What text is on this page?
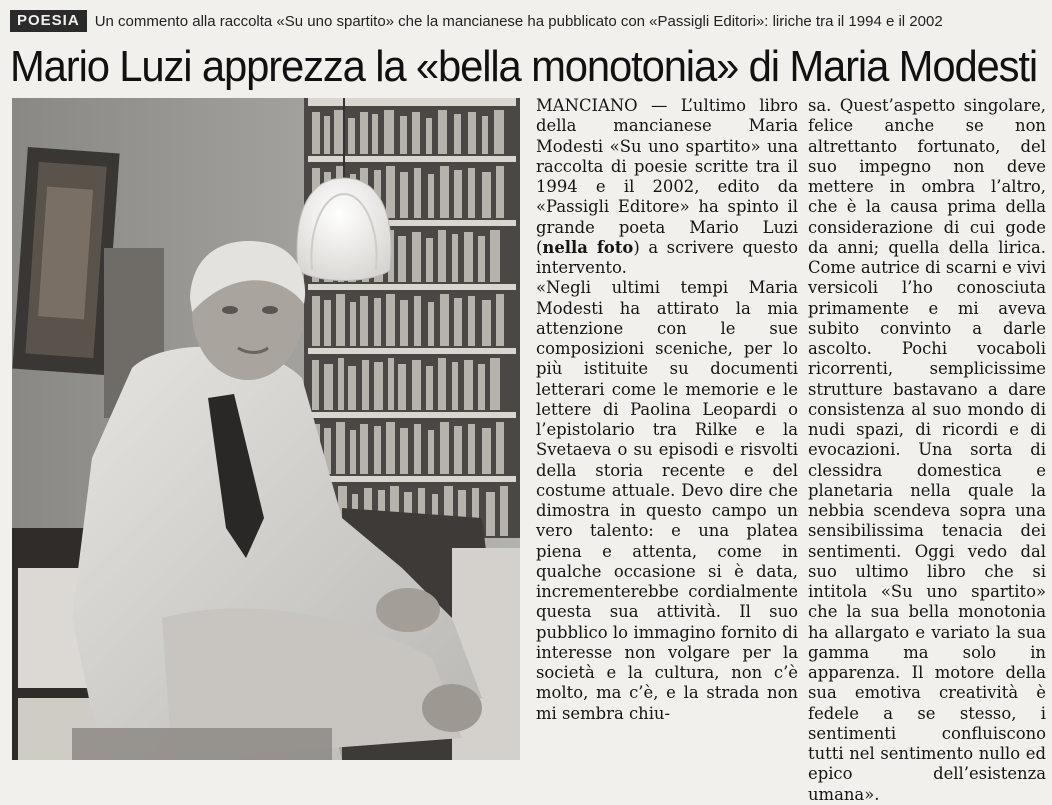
POESIA	Un commento alla raccolta «Su uno spartito» che la mancianese ha pubblicato con «Passigli Editori»: liriche tra il 1994 e il 2002
Mario Luzi apprezza la «bella monotonia» di Maria Modesti

MANCIANO — L’ultimo libro della mancianese Maria Modesti «Su uno spartito» una raccolta di poesie scritte tra il 1994 e il 2002, edito da «Passigli Editore» ha spinto il grande poeta Mario Luzi (nella foto) a scrivere questo intervento.

«Negli ultimi tempi Maria Modesti ha attirato la mia attenzione con le sue composizioni sceniche, per lo più istituite su documenti letterari come le memorie e le lettere di Paolina Leopardi o l’epistolario tra Rilke e la Svetaeva o su episodi e risvolti della storia recente e del costume attuale. Devo dire che dimostra in questo campo un vero talento: e una platea piena e attenta, come in qualche occasione si è data, incrementerebbe cordialmente questa sua attività. Il suo pubblico lo immagino fornito di interesse non volgare per la società e la cultura, non c’è molto, ma c’è, e la strada non mi sembra chiu-

sa. Quest’aspetto singolare, felice anche se non altrettanto fortunato, del suo impegno non deve mettere in ombra l’altro, che è la causa prima della considerazione di cui gode da anni; quella della lirica. Come autrice di scarni e vivi versicoli l’ho conosciuta primamente e mi aveva subito convinto a darle ascolto. Pochi vocaboli ricorrenti, semplicissime strutture bastavano a dare consistenza al suo mondo di nudi spazi, di ricordi e di evocazioni. Una sorta di clessidra domestica e planetaria nella quale la nebbia scendeva sopra una sensibilissima tenacia dei sentimenti. Oggi vedo dal suo ultimo libro che si intitola «Su uno spartito» che la sua bella monotonia ha allargato e variato la sua gamma ma solo in apparenza. Il motore della sua emotiva creatività è fedele a se stesso, i sentimenti confluiscono tutti nel sentimento nullo ed epico dell’esistenza umana».
